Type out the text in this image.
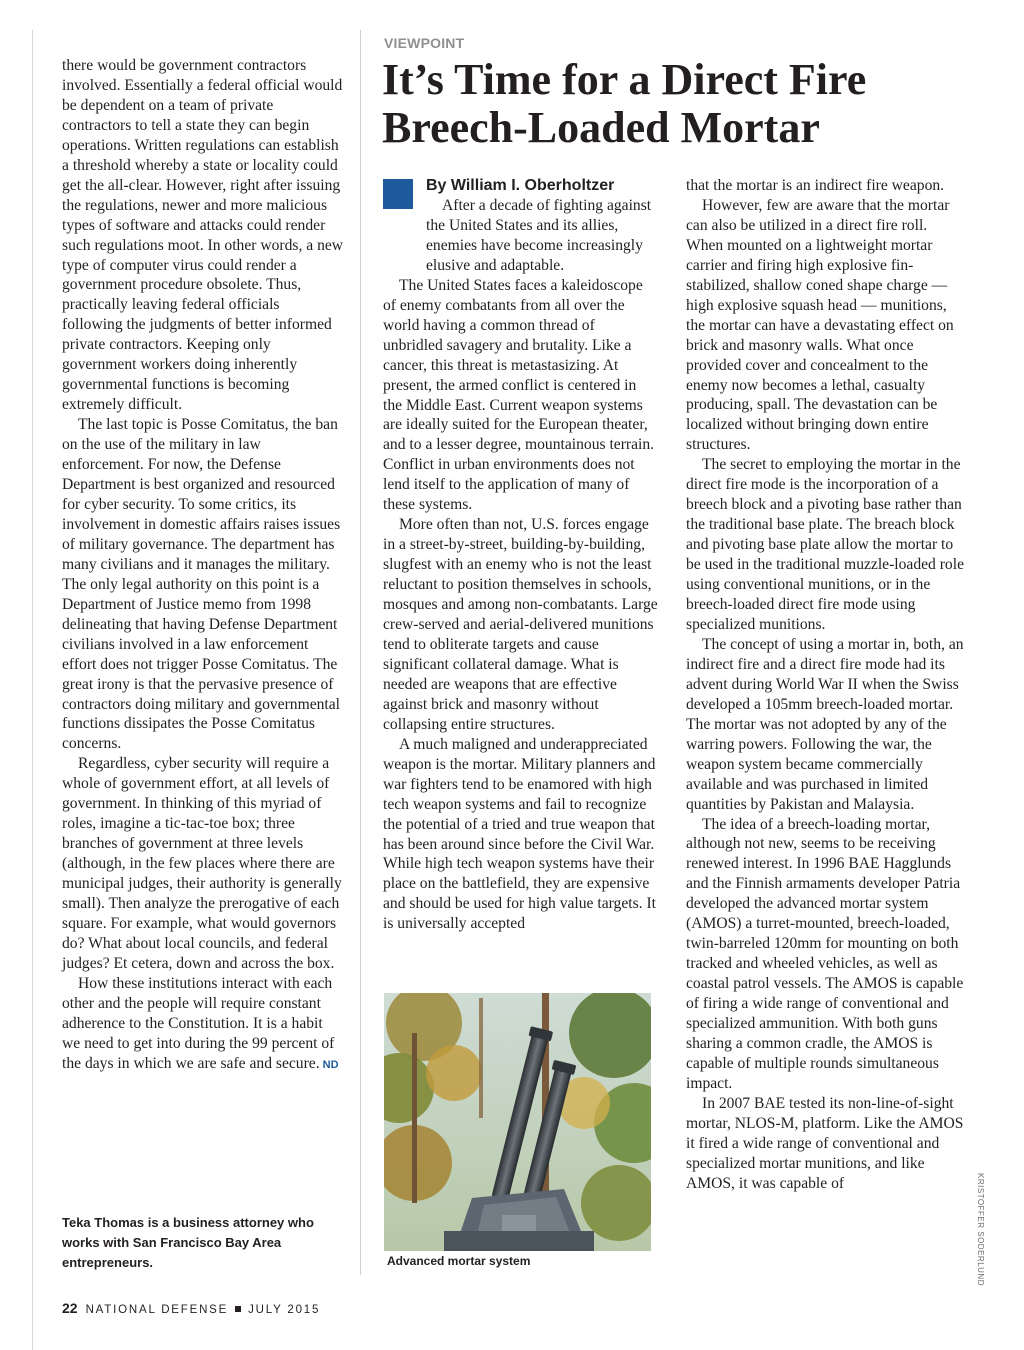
there would be government contractors involved. Essentially a federal official would be dependent on a team of private contractors to tell a state they can begin operations. Written regulations can establish a threshold whereby a state or locality could get the all-clear. However, right after issuing the regulations, newer and more malicious types of software and attacks could render such regulations moot. In other words, a new type of computer virus could render a government procedure obsolete. Thus, practically leaving federal officials following the judgments of better informed private contractors. Keeping only government workers doing inherently governmental functions is becoming extremely difficult.

The last topic is Posse Comitatus, the ban on the use of the military in law enforcement. For now, the Defense Department is best organized and resourced for cyber security. To some critics, its involvement in domestic affairs raises issues of military governance. The department has many civilians and it manages the military. The only legal authority on this point is a Department of Justice memo from 1998 delineating that having Defense Department civilians involved in a law enforcement effort does not trigger Posse Comitatus. The great irony is that the pervasive presence of contractors doing military and governmental functions dissipates the Posse Comitatus concerns.

Regardless, cyber security will require a whole of government effort, at all levels of government. In thinking of this myriad of roles, imagine a tic-tac-toe box; three branches of government at three levels (although, in the few places where there are municipal judges, their authority is generally small). Then analyze the prerogative of each square. For example, what would governors do? What about local councils, and federal judges? Et cetera, down and across the box.

How these institutions interact with each other and the people will require constant adherence to the Constitution. It is a habit we need to get into during the 99 percent of the days in which we are safe and secure. ND

Teka Thomas is a business attorney who works with San Francisco Bay Area entrepreneurs.

VIEWPOINT
It’s Time for a Direct Fire Breech-Loaded Mortar
By William I. Oberholtzer

After a decade of fighting against the United States and its allies, enemies have become increasingly elusive and adaptable.

The United States faces a kaleidoscope of enemy combatants from all over the world having a common thread of unbridled savagery and brutality. Like a cancer, this threat is metastasizing. At present, the armed conflict is centered in the Middle East. Current weapon systems are ideally suited for the European theater, and to a lesser degree, mountainous terrain. Conflict in urban environments does not lend itself to the application of many of these systems.

More often than not, U.S. forces engage in a street-by-street, building-by-building, slugfest with an enemy who is not the least reluctant to position themselves in schools, mosques and among non-combatants. Large crew-served and aerial-delivered munitions tend to obliterate targets and cause significant collateral damage. What is needed are weapons that are effective against brick and masonry without collapsing entire structures.

A much maligned and underappreciated weapon is the mortar. Military planners and war fighters tend to be enamored with high tech weapon systems and fail to recognize the potential of a tried and true weapon that has been around since before the Civil War. While high tech weapon systems have their place on the battlefield, they are expensive and should be used for high value targets. It is universally accepted

Advanced mortar system	KRISTOFFER SODERLUND

that the mortar is an indirect fire weapon.

However, few are aware that the mortar can also be utilized in a direct fire roll. When mounted on a lightweight mortar carrier and firing high explosive fin-stabilized, shallow coned shape charge — high explosive squash head — munitions, the mortar can have a devastating effect on brick and masonry walls. What once provided cover and concealment to the enemy now becomes a lethal, casualty producing, spall. The devastation can be localized without bringing down entire structures.

The secret to employing the mortar in the direct fire mode is the incorporation of a breech block and a pivoting base rather than the traditional base plate. The breach block and pivoting base plate allow the mortar to be used in the traditional muzzle-loaded role using conventional munitions, or in the breech-loaded direct fire mode using specialized munitions.

The concept of using a mortar in, both, an indirect fire and a direct fire mode had its advent during World War II when the Swiss developed a 105mm breech-loaded mortar. The mortar was not adopted by any of the warring powers. Following the war, the weapon system became commercially available and was purchased in limited quantities by Pakistan and Malaysia.

The idea of a breech-loading mortar, although not new, seems to be receiving renewed interest. In 1996 BAE Hagglunds and the Finnish armaments developer Patria developed the advanced mortar system (AMOS) a turret-mounted, breech-loaded, twin-barreled 120mm for mounting on both tracked and wheeled vehicles, as well as coastal patrol vessels. The AMOS is capable of firing a wide range of conventional and specialized ammunition. With both guns sharing a common cradle, the AMOS is capable of multiple rounds simultaneous impact.

In 2007 BAE tested its non-line-of-sight mortar, NLOS-M, platform. Like the AMOS it fired a wide range of conventional and specialized mortar munitions, and like AMOS, it was capable of

22 NATIONAL DEFENSE JULY 2015
